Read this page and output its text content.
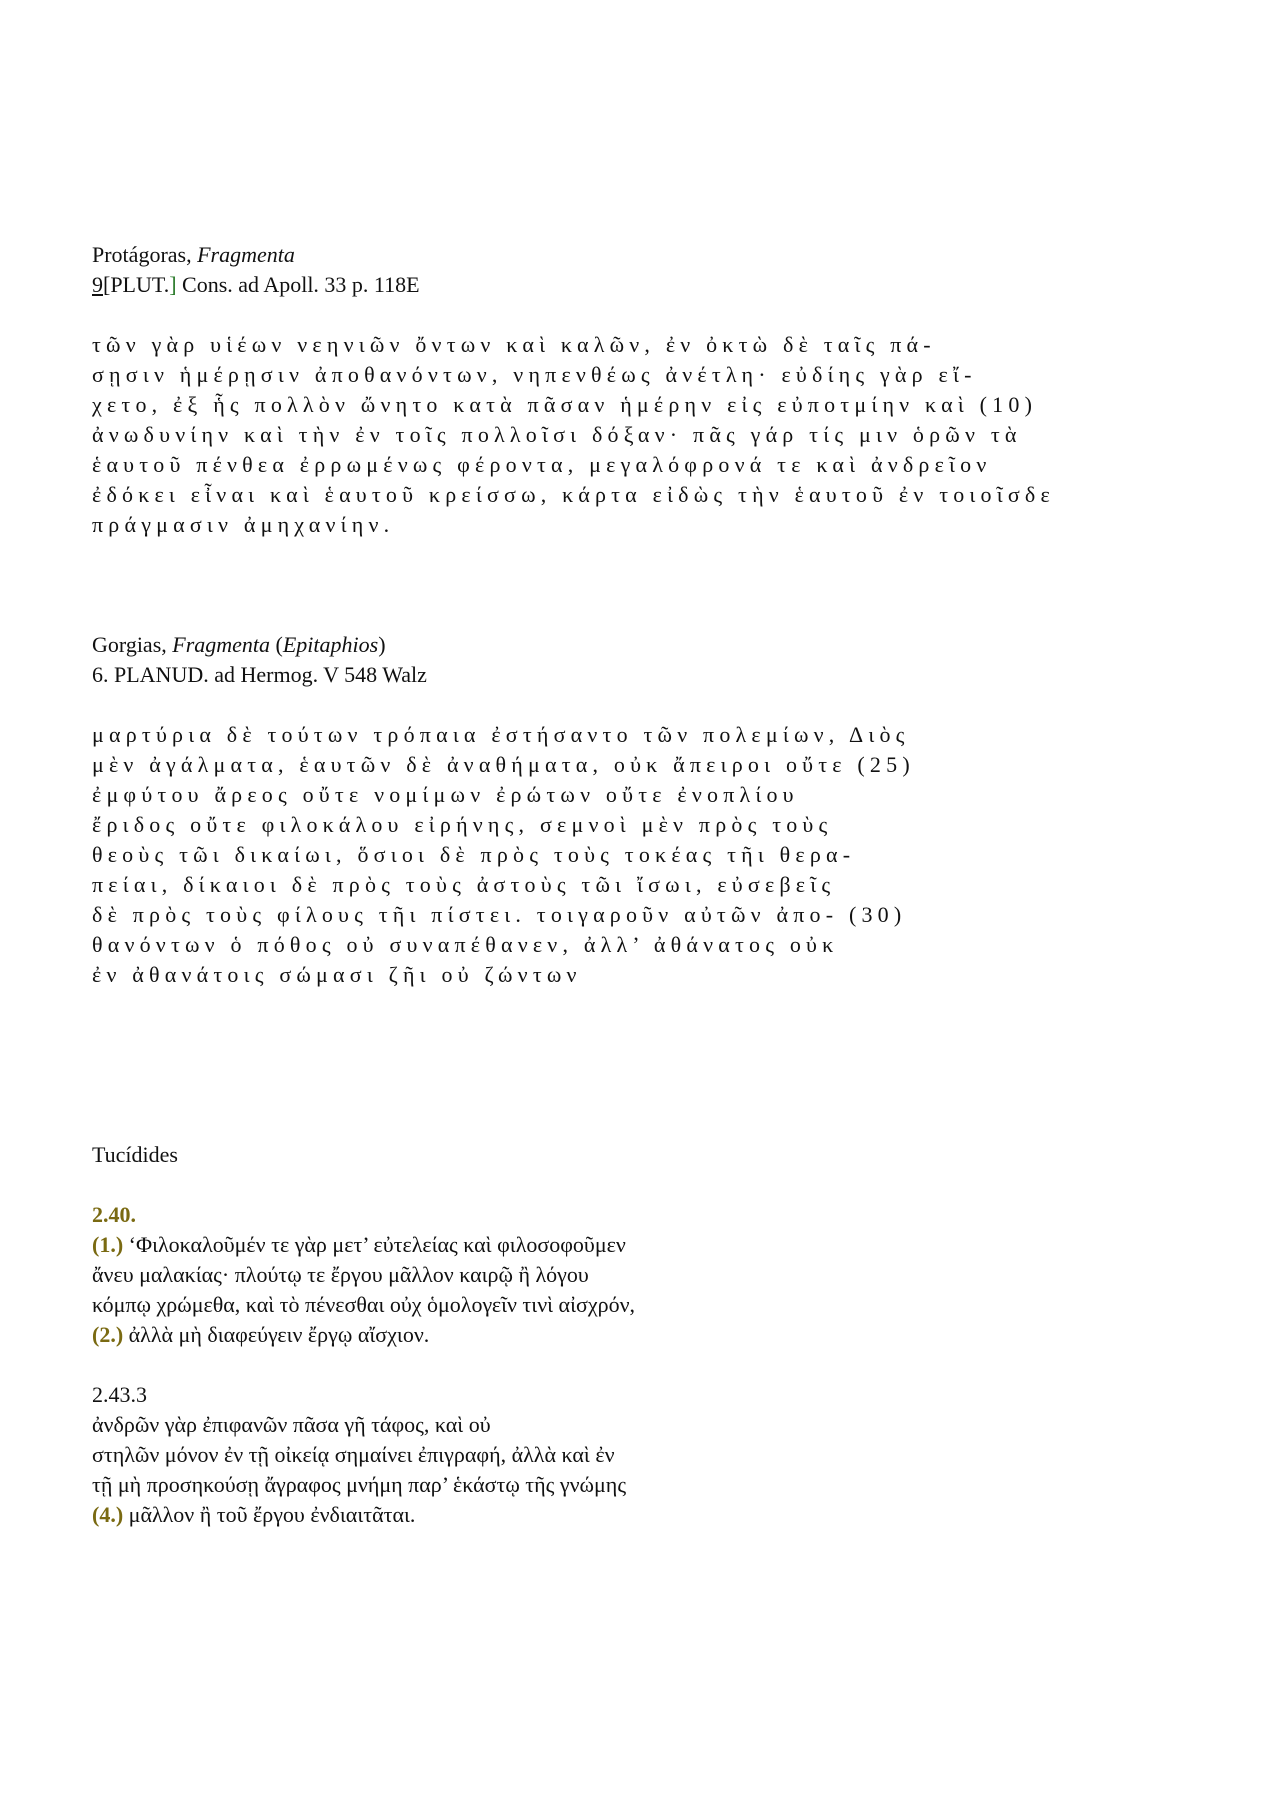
Protágoras, Fragmenta
9[PLUT.] Cons. ad Apoll. 33 p. 118E
τῶν γὰρ υἱέων νεηνιῶν ὄντων καὶ καλῶν, ἐν ὀκτὼ δὲ ταῖς πά-
σῃσιν ἡμέρῃσιν ἀποθανόντων, νηπενθέως ἀνέτλη· εὐδίης γὰρ εἴ-
χετο, ἐξ ἧς πολλὸν ὤνητο κατὰ πᾶσαν ἡμέρην εἰς εὐποτμίην καὶ (10)
ἀνωδυνίην καὶ τὴν ἐν τοῖς πολλοῖσι δόξαν· πᾶς γάρ τίς μιν ὁρῶν τὰ
ἑαυτοῦ πένθεα ἐρρωμένως φέροντα, μεγαλόφρονά τε καὶ ἀνδρεῖον
ἐδόκει εἶναι καὶ ἑαυτοῦ κρείσσω, κάρτα εἰδὼς τὴν ἑαυτοῦ ἐν τοιοῖσδε
πράγμασιν ἀμηχανίην.
Gorgias, Fragmenta (Epitaphios)
6. PLANUD. ad Hermog. V 548 Walz
μαρτύρια δὲ τούτων τρόπαια ἐστήσαντο τῶν πολεμίων, Διὸς
μὲν ἀγάλματα, ἑαυτῶν δὲ ἀναθήματα, οὐκ ἄπειροι οὔτε (25)
ἐμφύτου ἄρεος οὔτε νομίμων ἐρώτων οὔτε ἐνοπλίου
ἔριδος οὔτε φιλοκάλου εἰρήνης, σεμνοὶ μὲν πρὸς τοὺς
θεοὺς τῶι δικαίωι, ὅσιοι δὲ πρὸς τοὺς τοκέας τῆι θερα-
πείαι, δίκαιοι δὲ πρὸς τοὺς ἀστοὺς τῶι ἴσωι, εὐσεβεῖς
δὲ πρὸς τοὺς φίλους τῆι πίστει. τοιγαροῦν αὐτῶν ἀπο- (30)
θανόντων ὁ πόθος οὐ συναπέθανεν, ἀλλ’ ἀθάνατος οὐκ
ἐν ἀθανάτοις σώμασι ζῆι οὐ ζώντων
Tucídides
2.40.
(1.) ‘Φιλοκαλοῦμέν τε γὰρ μετ’ εὐτελείας καὶ φιλοσοφοῦμεν
ἄνευ μαλακίας· πλούτῳ τε ἔργου μᾶλλον καιρῷ ἢ λόγου
κόμπῳ χρώμεθα, καὶ τὸ πένεσθαι οὐχ ὁμολογεῖν τινὶ αἰσχρόν,
(2.) ἀλλὰ μὴ διαφεύγειν ἔργῳ αἴσχιον.
2.43.3
ἀνδρῶν γὰρ ἐπιφανῶν πᾶσα γῆ τάφος, καὶ οὐ
στηλῶν μόνον ἐν τῇ οἰκείᾳ σημαίνει ἐπιγραφή, ἀλλὰ καὶ ἐν
τῇ μὴ προσηκούσῃ ἄγραφος μνήμη παρ’ ἑκάστῳ τῆς γνώμης
(4.) μᾶλλον ἢ τοῦ ἔργου ἐνδιαιτᾶται.
